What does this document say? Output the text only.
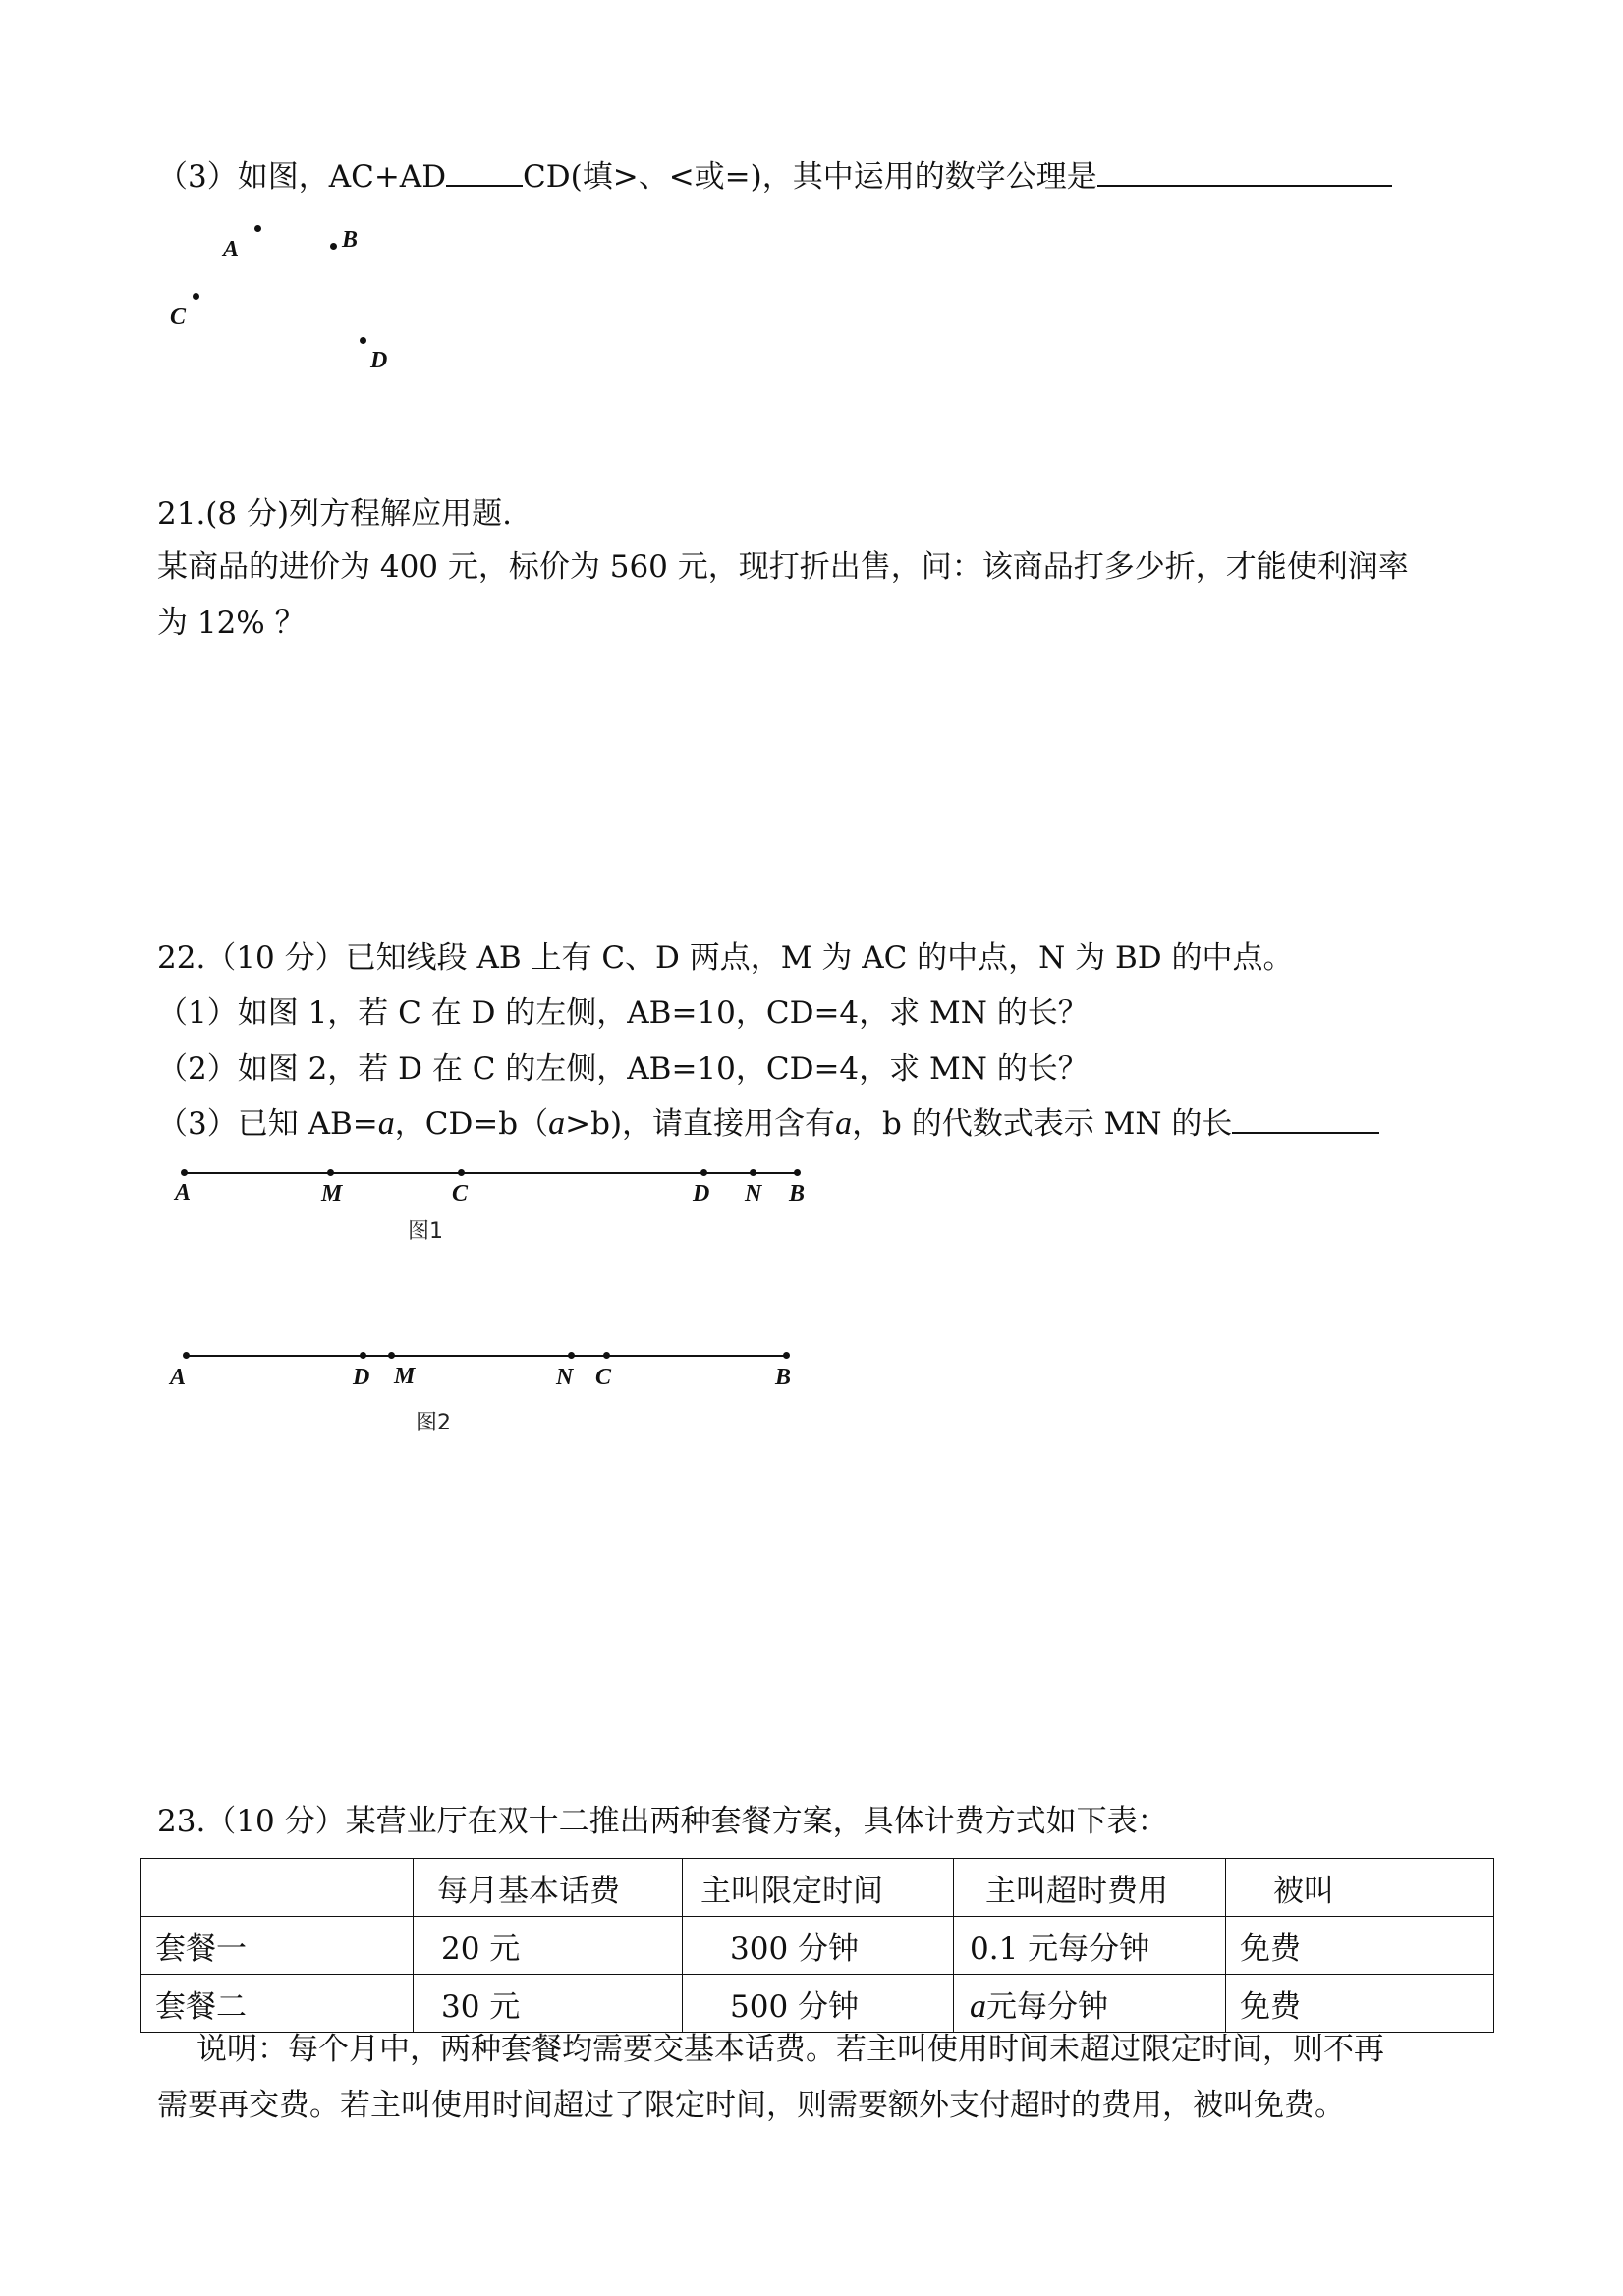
（3）如图，AC+AD	CD(填>、<或=)，其中运用的数学公理是
A	B
C
D
21.(8 分)列方程解应用题.
某商品的进价为 400 元，标价为 560 元，现打折出售，问：该商品打多少折，才能使利润率
为 12% ？
22.（10 分）已知线段 AB 上有 C、D 两点，M 为 AC 的中点，N 为 BD 的中点。
（1）如图 1，若 C 在 D 的左侧，AB=10，CD=4，求 MN 的长？
（2）如图 2，若 D 在 C 的左侧，AB=10，CD=4，求 MN 的长？
（3）已知 AB=a，CD=b（a>b)，请直接用含有a，b 的代数式表示 MN 的长
A	M	C	D N B
图1
A	D M	N C	B
图2
23.（10 分）某营业厅在双十二推出两种套餐方案，具体计费方式如下表：
	每月基本话费	主叫限定时间	主叫超时费用	被叫
套餐一	20 元	300 分钟	0.1 元每分钟	免费
套餐二	30 元	500 分钟	a元每分钟	免费
说明：每个月中，两种套餐均需要交基本话费。若主叫使用时间未超过限定时间，则不再
需要再交费。若主叫使用时间超过了限定时间，则需要额外支付超时的费用，被叫免费。
